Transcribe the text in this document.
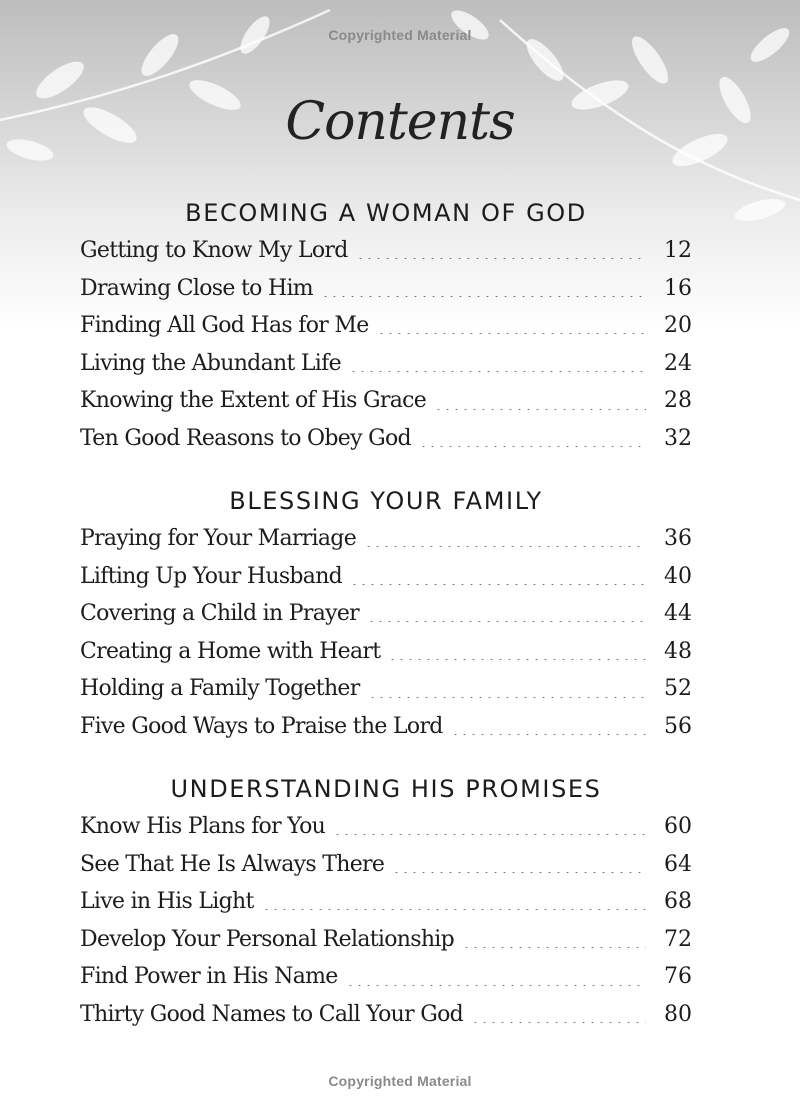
Copyrighted Material
Contents
BECOMING A WOMAN OF GOD
Getting to Know My Lord	12
Drawing Close to Him	16
Finding All God Has for Me	20
Living the Abundant Life	24
Knowing the Extent of His Grace	28
Ten Good Reasons to Obey God	32
BLESSING YOUR FAMILY
Praying for Your Marriage	36
Lifting Up Your Husband	40
Covering a Child in Prayer	44
Creating a Home with Heart	48
Holding a Family Together	52
Five Good Ways to Praise the Lord	56
UNDERSTANDING HIS PROMISES
Know His Plans for You	60
See That He Is Always There	64
Live in His Light	68
Develop Your Personal Relationship	72
Find Power in His Name	76
Thirty Good Names to Call Your God	80
Copyrighted Material
